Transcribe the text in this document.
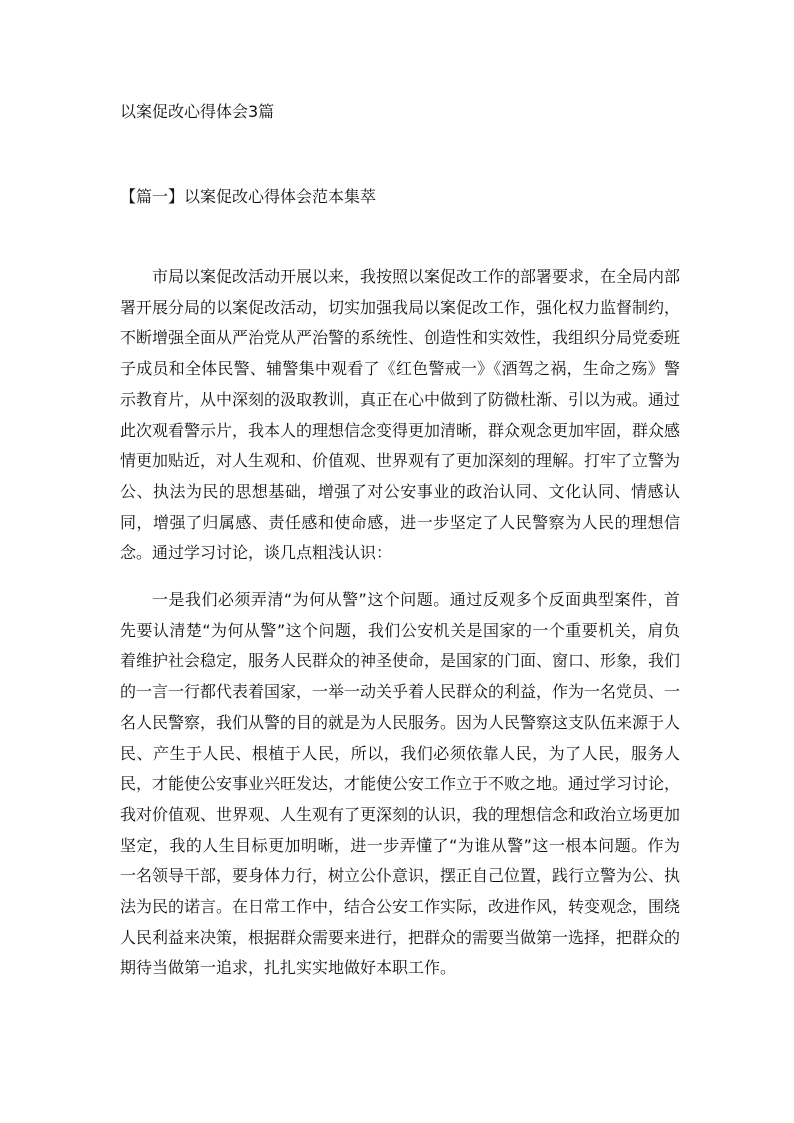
以案促改心得体会3篇
【篇一】以案促改心得体会范本集萃

市局以案促改活动开展以来，我按照以案促改工作的部署要求，在全局内部署开展分局的以案促改活动，切实加强我局以案促改工作，强化权力监督制约，不断增强全面从严治党从严治警的系统性、创造性和实效性，我组织分局党委班子成员和全体民警、辅警集中观看了《红色警戒一》《酒驾之祸，生命之殇》警示教育片，从中深刻的汲取教训，真正在心中做到了防微杜渐、引以为戒。通过此次观看警示片，我本人的理想信念变得更加清晰，群众观念更加牢固，群众感情更加贴近，对人生观和、价值观、世界观有了更加深刻的理解。打牢了立警为公、执法为民的思想基础，增强了对公安事业的政治认同、文化认同、情感认同，增强了归属感、责任感和使命感，进一步坚定了人民警察为人民的理想信念。通过学习讨论，谈几点粗浅认识：

一是我们必须弄清“为何从警”这个问题。通过反观多个反面典型案件，首先要认清楚“为何从警”这个问题，我们公安机关是国家的一个重要机关，肩负着维护社会稳定，服务人民群众的神圣使命，是国家的门面、窗口、形象，我们的一言一行都代表着国家，一举一动关乎着人民群众的利益，作为一名党员、一名人民警察，我们从警的目的就是为人民服务。因为人民警察这支队伍来源于人民、产生于人民、根植于人民，所以，我们必须依靠人民，为了人民，服务人民，才能使公安事业兴旺发达，才能使公安工作立于不败之地。通过学习讨论，我对价值观、世界观、人生观有了更深刻的认识，我的理想信念和政治立场更加坚定，我的人生目标更加明晰，进一步弄懂了“为谁从警”这一根本问题。作为一名领导干部，要身体力行，树立公仆意识，摆正自己位置，践行立警为公、执法为民的诺言。在日常工作中，结合公安工作实际，改进作风，转变观念，围绕人民利益来决策，根据群众需要来进行，把群众的需要当做第一选择，把群众的期待当做第一追求，扎扎实实地做好本职工作。
